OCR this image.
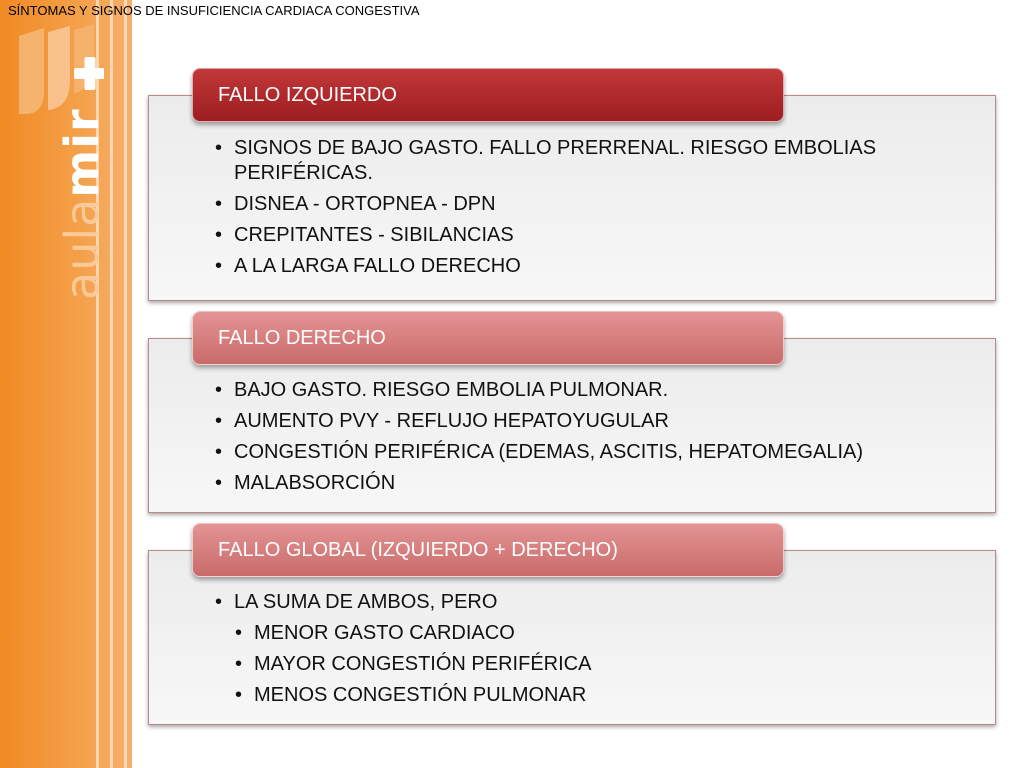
+
aulamir
SÍNTOMAS Y SIGNOS DE INSUFICIENCIA CARDIACA CONGESTIVA
FALLO IZQUIERDO
• SIGNOS DE BAJO GASTO. FALLO PRERRENAL. RIESGO EMBOLIAS PERIFÉRICAS.
• DISNEA - ORTOPNEA - DPN
• CREPITANTES - SIBILANCIAS
• A LA LARGA FALLO DERECHO
FALLO DERECHO
• BAJO GASTO. RIESGO EMBOLIA PULMONAR.
• AUMENTO PVY - REFLUJO HEPATOYUGULAR
• CONGESTIÓN PERIFÉRICA (EDEMAS, ASCITIS, HEPATOMEGALIA)
• MALABSORCIÓN
FALLO GLOBAL (IZQUIERDO + DERECHO)
• LA SUMA DE AMBOS, PERO
• MENOR GASTO CARDIACO
• MAYOR CONGESTIÓN PERIFÉRICA
• MENOS CONGESTIÓN PULMONAR
